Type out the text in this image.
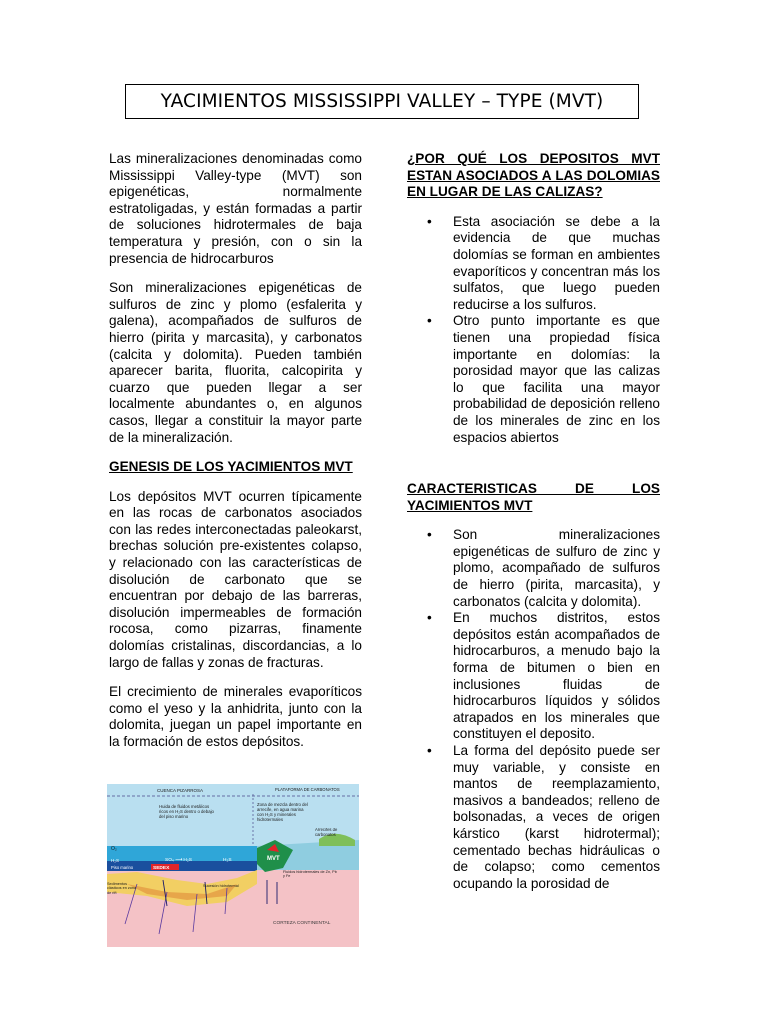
YACIMIENTOS MISSISSIPPI VALLEY – TYPE (MVT)

Las mineralizaciones denominadas como Mississippi Valley-type (MVT) son epigenéticas, normalmente estratoligadas, y están formadas a partir de soluciones hidrotermales de baja temperatura y presión, con o sin la presencia de hidrocarburos

Son mineralizaciones epigenéticas de sulfuros de zinc y plomo (esfalerita y galena), acompañados de sulfuros de hierro (pirita y marcasita), y carbonatos (calcita y dolomita). Pueden también aparecer barita, fluorita, calcopirita y cuarzo que pueden llegar a ser localmente abundantes o, en algunos casos, llegar a constituir la mayor parte de la mineralización.

GENESIS DE LOS YACIMIENTOS MVT

Los depósitos MVT ocurren típicamente en las rocas de carbonatos asociados con las redes interconectadas paleokarst, brechas solución pre-existentes colapso, y relacionado con las características de disolución de carbonato que se encuentran por debajo de las barreras, disolución impermeables de formación rocosa, como pizarras, finamente dolomías cristalinas, discordancias, a lo largo de fallas y zonas de fracturas.

El crecimiento de minerales evaporíticos como el yeso y la anhidrita, junto con la dolomita, juegan un papel importante en la formación de estos depósitos.

CUENCA PIZARROSA	PLATAFORMA DE CARBONATOS
Huida de fluidos metálicos ricos en H₂S dentro o debajo del piso marino
Zona de mezcla dentro del arrecife, en agua marina con H₂S y minerales hidrotermales
Arrecifes de carbonatos
O₂
H₂S
Piso marino
SO₄ ⟶ H₂S	H₂S
SEDEX
MVT
Sedimentos clásticos en zona de rift
Sucesión hidrotermal
Fluidos hidrotermales de Zn, Pb y Fe
CORTEZA CONTINENTAL
¿POR QUÉ LOS DEPOSITOS MVT ESTAN ASOCIADOS A LAS DOLOMIAS EN LUGAR DE LAS CALIZAS?
• Esta asociación se debe a la evidencia de que muchas dolomías se forman en ambientes evaporíticos y concentran más los sulfatos, que luego pueden reducirse a los sulfuros.
• Otro punto importante es que tienen una propiedad física importante en dolomías: la porosidad mayor que las calizas lo que facilita una mayor probabilidad de deposición relleno de los minerales de zinc en los espacios abiertos
CARACTERISTICAS DE LOS YACIMIENTOS MVT
• Son mineralizaciones epigenéticas de sulfuro de zinc y plomo, acompañado de sulfuros de hierro (pirita, marcasita), y carbonatos (calcita y dolomita).
• En muchos distritos, estos depósitos están acompañados de hidrocarburos, a menudo bajo la forma de bitumen o bien en inclusiones fluidas de hidrocarburos líquidos y sólidos atrapados en los minerales que constituyen el deposito.
• La forma del depósito puede ser muy variable, y consiste en mantos de reemplazamiento, masivos a bandeados; relleno de bolsonadas, a veces de origen kárstico (karst hidrotermal); cementado bechas hidráulicas o de colapso; como cementos ocupando la porosidad de
